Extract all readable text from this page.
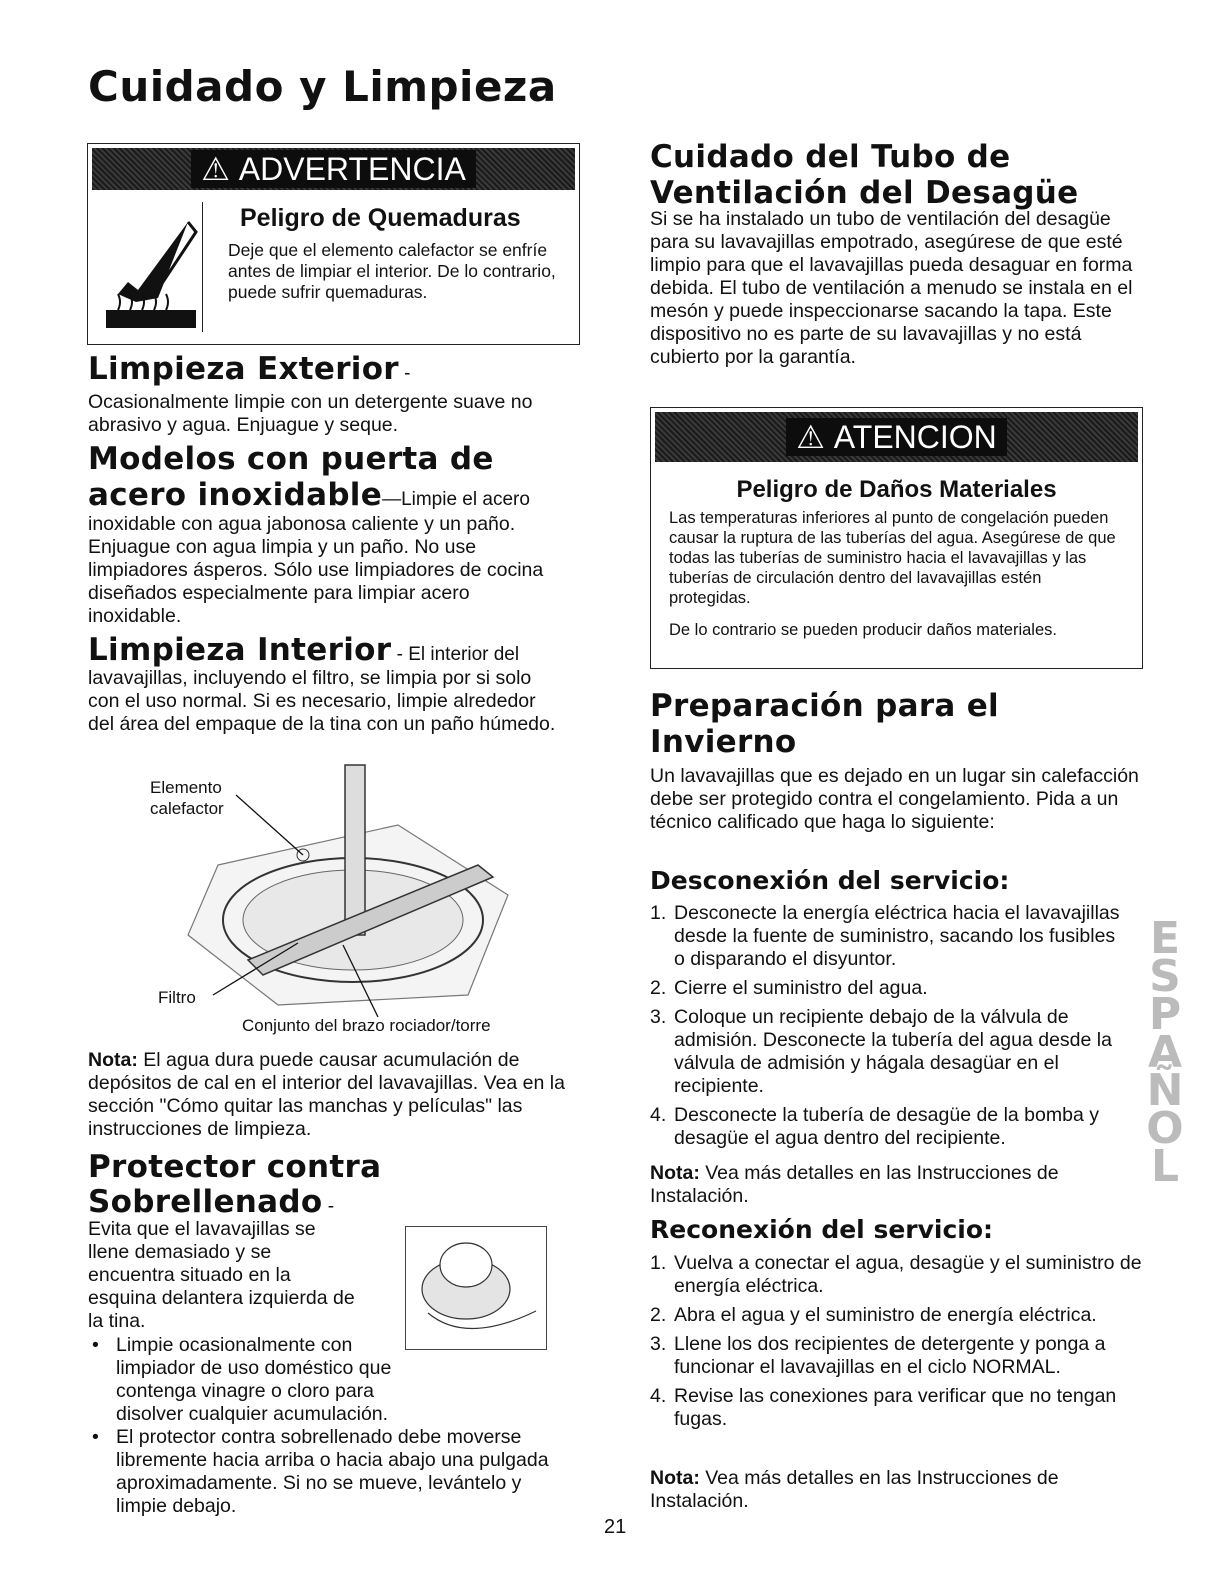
Cuidado y Limpieza
⚠ ADVERTENCIA
Peligro de Quemaduras
Deje que el elemento calefactor se enfríe antes de limpiar el interior. De lo contrario, puede sufrir quemaduras.
Limpieza Exterior -
Ocasionalmente limpie con un detergente suave no abrasivo y agua. Enjuague y seque.
Modelos con puerta de acero inoxidable—Limpie el acero
inoxidable con agua jabonosa caliente y un paño. Enjuague con agua limpia y un paño. No use limpiadores ásperos. Sólo use limpiadores de cocina diseñados especialmente para limpiar acero inoxidable.
Limpieza Interior - El interior del
lavavajillas, incluyendo el filtro, se limpia por si solo con el uso normal. Si es necesario, limpie alrededor del área del empaque de la tina con un paño húmedo.
Elemento calefactor
Filtro
Conjunto del brazo rociador/torre
Nota: El agua dura puede causar acumulación de depósitos de cal en el interior del lavavajillas. Vea en la sección "Cómo quitar las manchas y películas" las instrucciones de limpieza.
Protector contra
Sobrellenado -
Evita que el lavavajillas se llene demasiado y se encuentra situado en la esquina delantera izquierda de la tina.
• Limpie ocasionalmente con limpiador de uso doméstico que contenga vinagre o cloro para disolver cualquier acumulación.
• El protector contra sobrellenado debe moverse libremente hacia arriba o hacia abajo una pulgada aproximadamente. Si no se mueve, levántelo y limpie debajo.
Cuidado del Tubo de Ventilación del Desagüe
Si se ha instalado un tubo de ventilación del desagüe para su lavavajillas empotrado, asegúrese de que esté limpio para que el lavavajillas pueda desaguar en forma debida. El tubo de ventilación a menudo se instala en el mesón y puede inspeccionarse sacando la tapa. Este dispositivo no es parte de su lavavajillas y no está cubierto por la garantía.
⚠ ATENCION
Peligro de Daños Materiales
Las temperaturas inferiores al punto de congelación pueden causar la ruptura de las tuberías del agua. Asegúrese de que todas las tuberías de suministro hacia el lavavajillas y las tuberías de circulación dentro del lavavajillas estén protegidas.
De lo contrario se pueden producir daños materiales.
Preparación para el Invierno
Un lavavajillas que es dejado en un lugar sin calefacción debe ser protegido contra el congelamiento. Pida a un técnico calificado que haga lo siguiente:
Desconexión del servicio:
1. Desconecte la energía eléctrica hacia el lavavajillas desde la fuente de suministro, sacando los fusibles o disparando el disyuntor.
2. Cierre el suministro del agua.
3. Coloque un recipiente debajo de la válvula de admisión. Desconecte la tubería del agua desde la válvula de admisión y hágala desagüar en el recipiente.
4. Desconecte la tubería de desagüe de la bomba y desagüe el agua dentro del recipiente.
Nota: Vea más detalles en las Instrucciones de Instalación.
Reconexión del servicio:
1. Vuelva a conectar el agua, desagüe y el suministro de energía eléctrica.
2. Abra el agua y el suministro de energía eléctrica.
3. Llene los dos recipientes de detergente y ponga a funcionar el lavavajillas en el ciclo NORMAL.
4. Revise las conexiones para verificar que no tengan fugas.
Nota: Vea más detalles en las Instrucciones de Instalación.
ESPAÑOL
21
